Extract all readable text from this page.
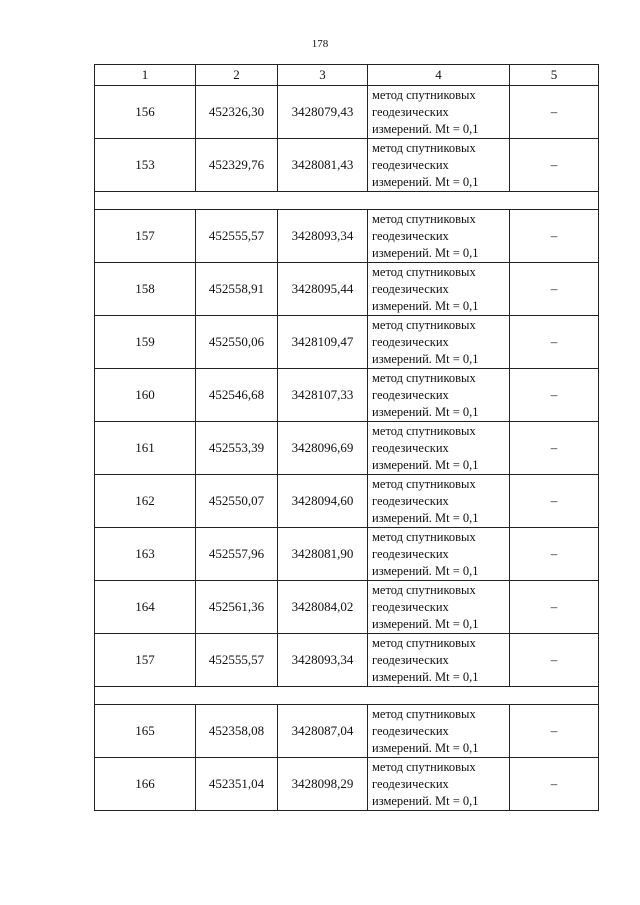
178
1	2	3	4	5
156	452326,30	3428079,43	метод спутниковых
геодезических
измерений. Mt = 0,1	–
153	452329,76	3428081,43	метод спутниковых
геодезических
измерений. Mt = 0,1	–

157	452555,57	3428093,34	метод спутниковых
геодезических
измерений. Mt = 0,1	–
158	452558,91	3428095,44	метод спутниковых
геодезических
измерений. Mt = 0,1	–
159	452550,06	3428109,47	метод спутниковых
геодезических
измерений. Mt = 0,1	–
160	452546,68	3428107,33	метод спутниковых
геодезических
измерений. Mt = 0,1	–
161	452553,39	3428096,69	метод спутниковых
геодезических
измерений. Mt = 0,1	–
162	452550,07	3428094,60	метод спутниковых
геодезических
измерений. Mt = 0,1	–
163	452557,96	3428081,90	метод спутниковых
геодезических
измерений. Mt = 0,1	–
164	452561,36	3428084,02	метод спутниковых
геодезических
измерений. Mt = 0,1	–
157	452555,57	3428093,34	метод спутниковых
геодезических
измерений. Mt = 0,1	–

165	452358,08	3428087,04	метод спутниковых
геодезических
измерений. Mt = 0,1	–
166	452351,04	3428098,29	метод спутниковых
геодезических
измерений. Mt = 0,1	–
